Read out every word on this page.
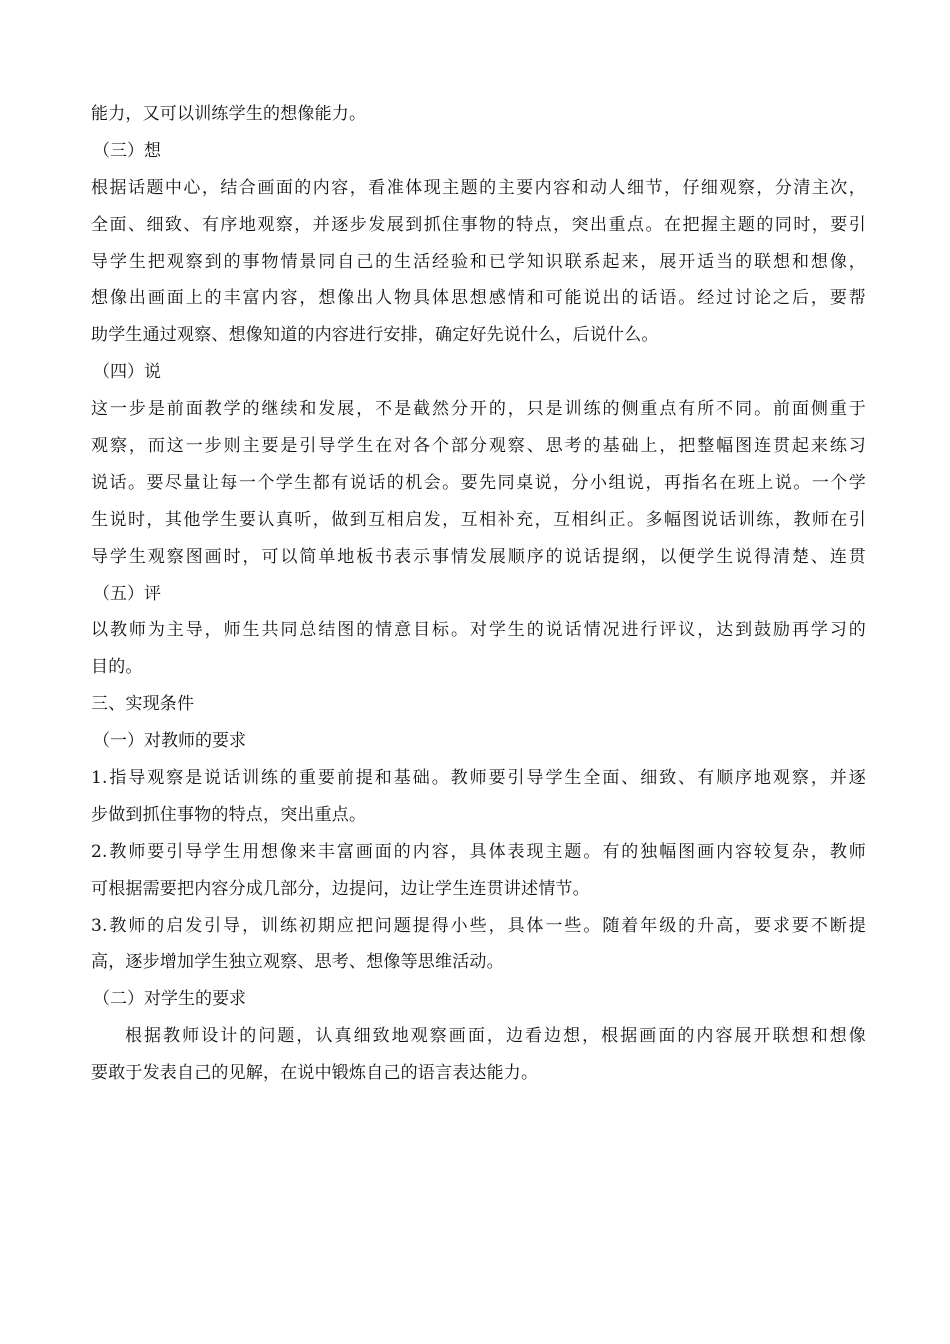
能力，又可以训练学生的想像能力。
（三）想
根据话题中心，结合画面的内容，看准体现主题的主要内容和动人细节，仔细观察，分清主次，
全面、细致、有序地观察，并逐步发展到抓住事物的特点，突出重点。在把握主题的同时，要引
导学生把观察到的事物情景同自己的生活经验和已学知识联系起来，展开适当的联想和想像，
想像出画面上的丰富内容，想像出人物具体思想感情和可能说出的话语。经过讨论之后，要帮
助学生通过观察、想像知道的内容进行安排，确定好先说什么，后说什么。
（四）说
这一步是前面教学的继续和发展，不是截然分开的，只是训练的侧重点有所不同。前面侧重于
观察，而这一步则主要是引导学生在对各个部分观察、思考的基础上，把整幅图连贯起来练习
说话。要尽量让每一个学生都有说话的机会。要先同桌说，分小组说，再指名在班上说。一个学
生说时，其他学生要认真听，做到互相启发，互相补充，互相纠正。多幅图说话训练，教师在引
导学生观察图画时，可以简单地板书表示事情发展顺序的说话提纲，以便学生说得清楚、连贯
（五）评
以教师为主导，师生共同总结图的情意目标。对学生的说话情况进行评议，达到鼓励再学习的
目的。
三、实现条件
（一）对教师的要求
1.指导观察是说话训练的重要前提和基础。教师要引导学生全面、细致、有顺序地观察，并逐
步做到抓住事物的特点，突出重点。
2.教师要引导学生用想像来丰富画面的内容，具体表现主题。有的独幅图画内容较复杂，教师
可根据需要把内容分成几部分，边提问，边让学生连贯讲述情节。
3.教师的启发引导，训练初期应把问题提得小些，具体一些。随着年级的升高，要求要不断提
高，逐步增加学生独立观察、思考、想像等思维活动。
（二）对学生的要求
根据教师设计的问题，认真细致地观察画面，边看边想，根据画面的内容展开联想和想像
要敢于发表自己的见解，在说中锻炼自己的语言表达能力。
